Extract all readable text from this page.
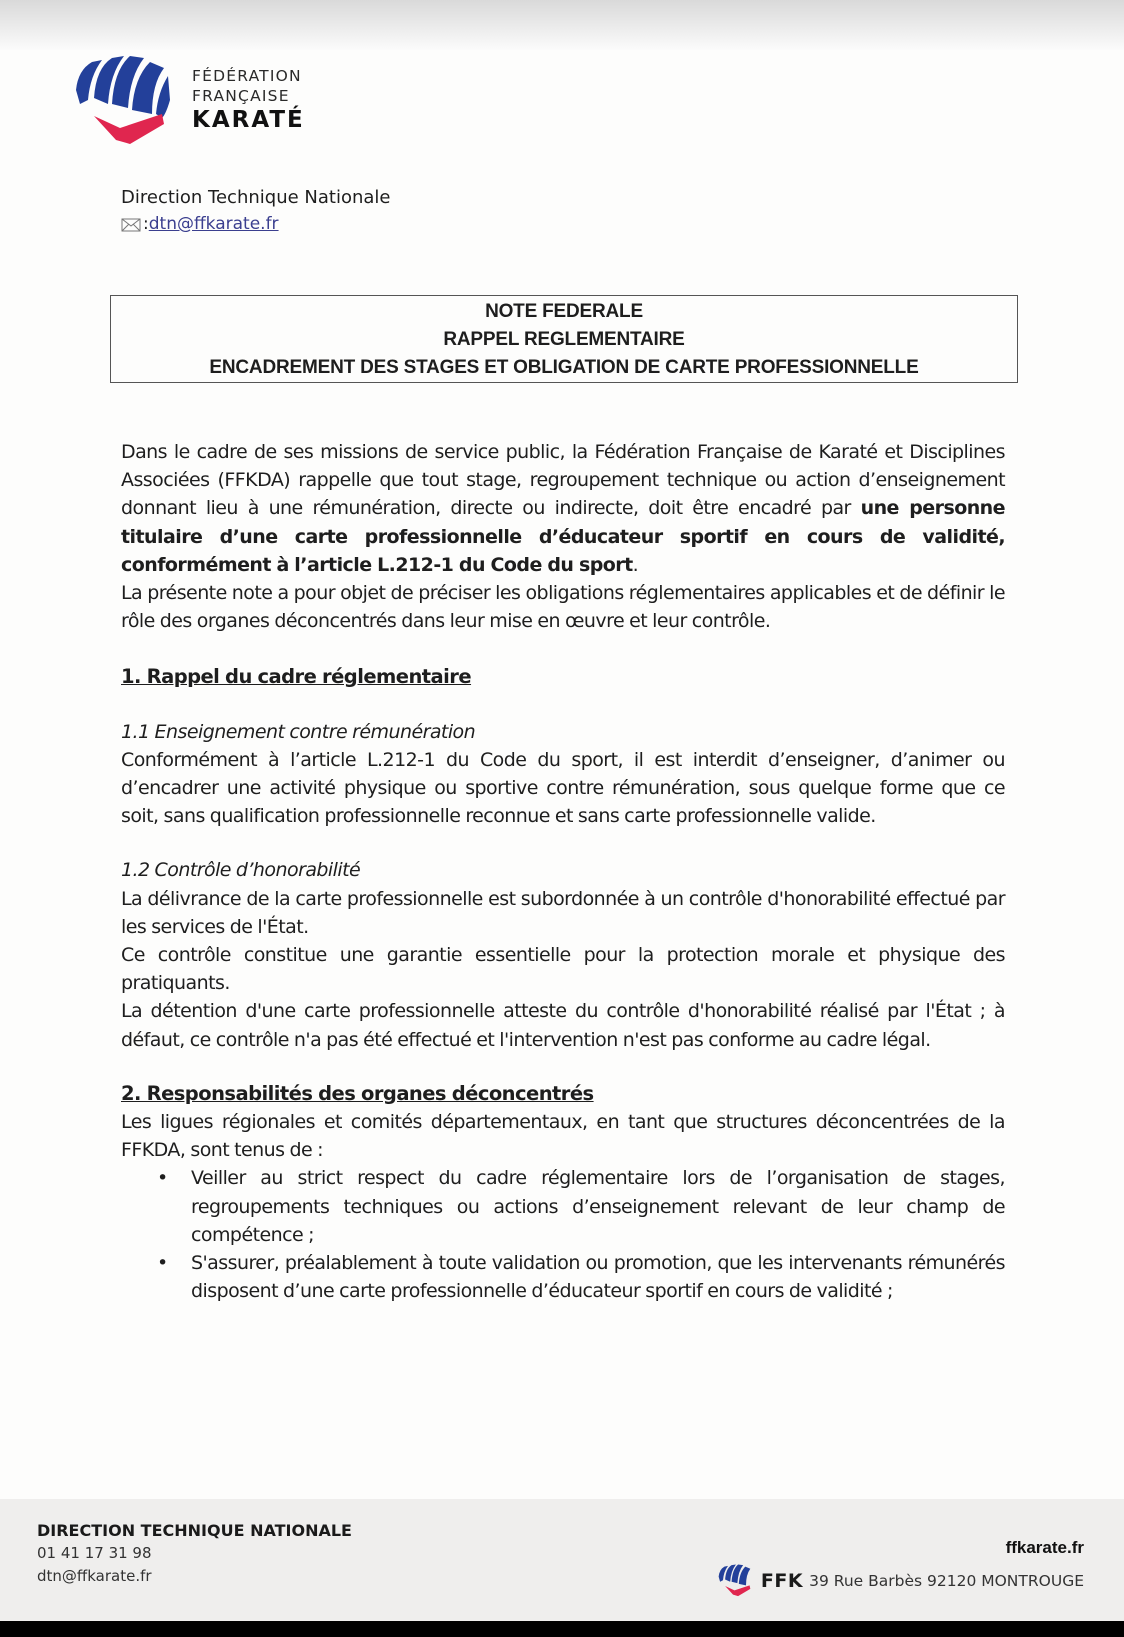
FÉDÉRATION
FRANÇAISE
KARATÉ
Direction Technique Nationale
: dtn@ffkarate.fr
NOTE FEDERALE
RAPPEL REGLEMENTAIRE
ENCADREMENT DES STAGES ET OBLIGATION DE CARTE PROFESSIONNELLE

Dans le cadre de ses missions de service public, la Fédération Française de Karaté et Disciplines Associées (FFKDA) rappelle que tout stage, regroupement technique ou action d’enseignement donnant lieu à une rémunération, directe ou indirecte, doit être encadré par une personne titulaire d’une carte professionnelle d’éducateur sportif en cours de validité, conformément à l’article L.212-1 du Code du sport.

La présente note a pour objet de préciser les obligations réglementaires applicables et de définir le rôle des organes déconcentrés dans leur mise en œuvre et leur contrôle.

1. Rappel du cadre réglementaire

1.1 Enseignement contre rémunération

Conformément à l’article L.212-1 du Code du sport, il est interdit d’enseigner, d’animer ou d’encadrer une activité physique ou sportive contre rémunération, sous quelque forme que ce soit, sans qualification professionnelle reconnue et sans carte professionnelle valide.

1.2 Contrôle d’honorabilité

La délivrance de la carte professionnelle est subordonnée à un contrôle d'honorabilité effectué par les services de l'État.

Ce contrôle constitue une garantie essentielle pour la protection morale et physique des pratiquants.

La détention d'une carte professionnelle atteste du contrôle d'honorabilité réalisé par l'État ; à défaut, ce contrôle n'a pas été effectué et l'intervention n'est pas conforme au cadre légal.

2. Responsabilités des organes déconcentrés

Les ligues régionales et comités départementaux, en tant que structures déconcentrées de la FFKDA, sont tenus de :

• Veiller au strict respect du cadre réglementaire lors de l’organisation de stages, regroupements techniques ou actions d’enseignement relevant de leur champ de compétence ;
• S'assurer, préalablement à toute validation ou promotion, que les intervenants rémunérés disposent d’une carte professionnelle d’éducateur sportif en cours de validité ;
DIRECTION TECHNIQUE NATIONALE
01 41 17 31 98
dtn@ffkarate.fr
ffkarate.fr
FFK 39 Rue Barbès 92120 MONTROUGE
